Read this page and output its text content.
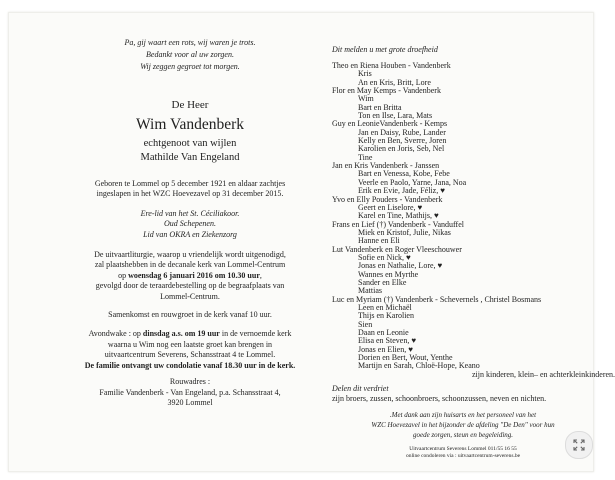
Pa, gij waart een rots, wij waren je trots.
Bedankt voor al uw zorgen.
Wij zeggen gegroet tot morgen.
De Heer
Wim Vandenberk
echtgenoot van wijlen
Mathilde Van Engeland
Geboren te Lommel op 5 december 1921 en aldaar zachtjes
ingeslapen in het WZC Hoevezavel op 31 december 2015.
Ere-lid van het St. Céciliakoor.
Oud Schepenen.
Lid van OKRA en Ziekenzorg
De uitvaartliturgie, waarop u vriendelijk wordt uitgenodigd,
zal plaatshebben in de decanale kerk van Lommel-Centrum
op woensdag 6 januari 2016 om 10.30 uur,
gevolgd door de teraardebestelling op de begraafplaats van
Lommel-Centrum.
Samenkomst en rouwgroet in de kerk vanaf 10 uur.
Avondwake : op dinsdag a.s. om 19 uur in de vernoemde kerk
waarna u Wim nog een laatste groet kan brengen in
uitvaartcentrum Severens, Schansstraat 4 te Lommel.
De familie ontvangt uw condolatie vanaf 18.30 uur in de kerk.
Rouwadres :
Familie Vandenberk - Van Engeland, p.a. Schansstraat 4,
3920 Lommel
Dit melden u met grote droefheid
Theo en Riena Houben - Vandenberk
Kris
An en Kris, Britt, Lore
Flor en May Kemps - Vandenberk
Wim
Bart en Britta
Ton en Ilse, Lara, Mats
Guy en LeonieVandenberk - Kemps
Jan en Daisy, Rube, Lander
Kelly en Ben, Sverre, Joren
Karolien en Joris, Seb, Nel
Tine
Jan en Kris Vandenberk - Janssen
Bart en Venessa, Kobe, Febe
Veerle en Paolo, Yarne, Jana, Noa
Erik en Evie, Jade, Féliz, ♥
Yvo en Elly Pouders - Vandenberk
Geert en Liselore, ♥
Karel en Tine, Mathijs, ♥
Frans en Lief (†) Vandenberk - Vanduffel
Miek en Kristof, Julie, Nikas
Hanne en Eli
Lut Vandenberk en Roger Vleeschouwer
Sofie en Nick, ♥
Jonas en Nathalie, Lore, ♥
Wannes en Myrthe
Sander en Elke
Mattias
Luc en Myriam (†) Vandenberk - Schevernels , Christel Bosmans
Leen en Michaël
Thijs en Karolien
Sien
Daan en Leonie
Elisa en Steven, ♥
Jonas en Elien, ♥
Dorien en Bert, Wout, Yenthe
Martijn en Sarah, Chloë-Hope, Keano
zijn kinderen, klein– en achterkleinkinderen.
Delen dit verdriet
zijn broers, zussen, schoonbroers, schoonzussen, neven en nichten.
.Met dank aan zijn huisarts en het personeel van het
WZC Hoevezavel in het bijzonder de afdeling "De Den" voor hun
goede zorgen, steun en begeleiding.
Uitvaartcentrum Severens Lommel 011/55 16 55
online condoleren via : uitvaartcentrum-severens.be
